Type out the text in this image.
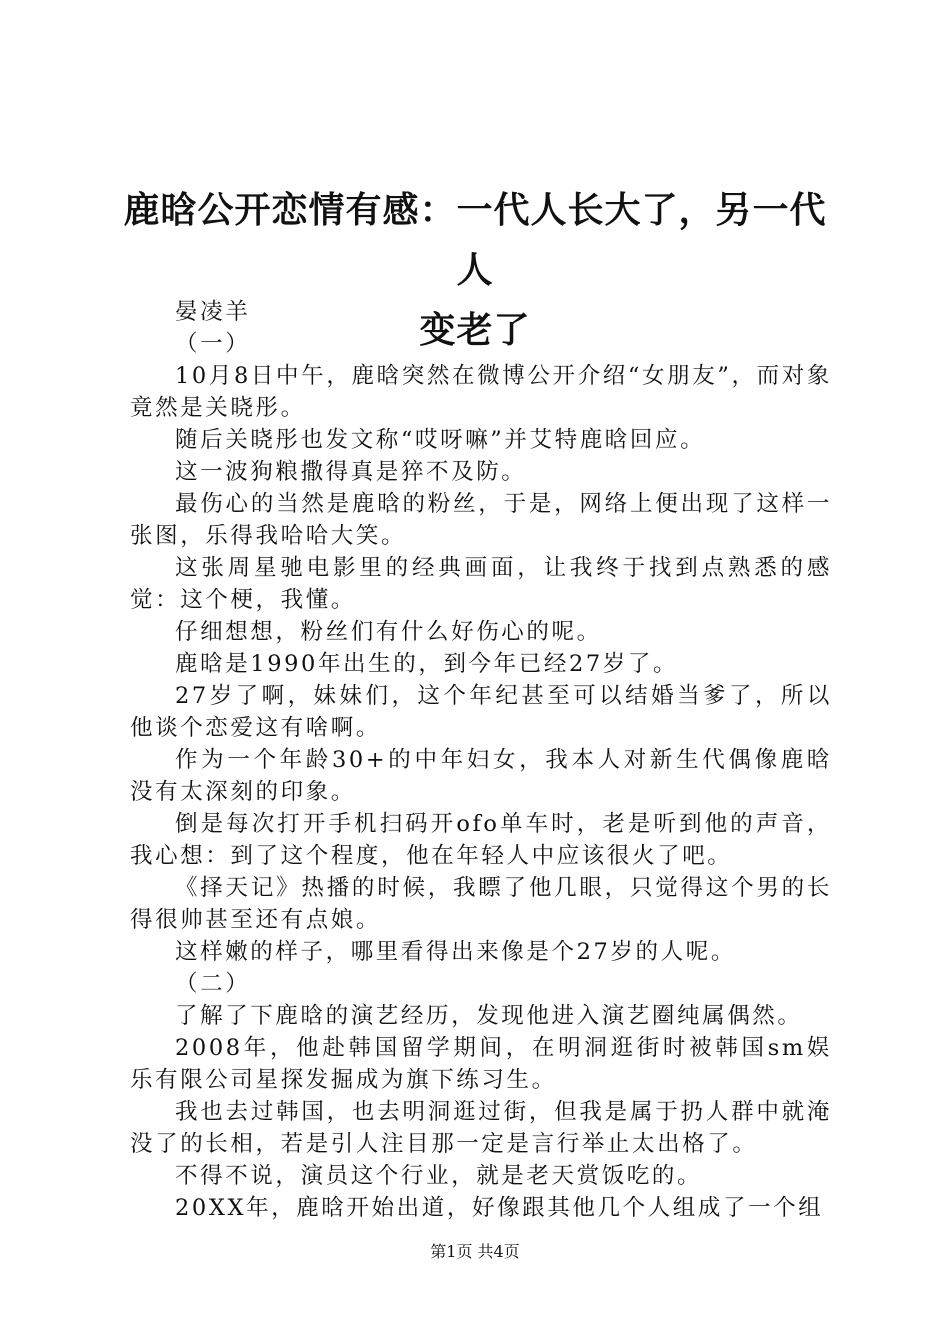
鹿晗公开恋情有感：一代人长大了，另一代人
变老了

晏凌羊

（一）

10月8日中午，鹿晗突然在微博公开介绍“女朋友”，而对象竟然是关晓彤。

随后关晓彤也发文称“哎呀嘛”并艾特鹿晗回应。

这一波狗粮撒得真是猝不及防。

最伤心的当然是鹿晗的粉丝，于是，网络上便出现了这样一张图，乐得我哈哈大笑。

这张周星驰电影里的经典画面，让我终于找到点熟悉的感觉：这个梗，我懂。

仔细想想，粉丝们有什么好伤心的呢。

鹿晗是1990年出生的，到今年已经27岁了。

27岁了啊，妹妹们，这个年纪甚至可以结婚当爹了，所以他谈个恋爱这有啥啊。

作为一个年龄30+的中年妇女，我本人对新生代偶像鹿晗没有太深刻的印象。

倒是每次打开手机扫码开ofo单车时，老是听到他的声音，我心想：到了这个程度，他在年轻人中应该很火了吧。

《择天记》热播的时候，我瞟了他几眼，只觉得这个男的长得很帅甚至还有点娘。

这样嫩的样子，哪里看得出来像是个27岁的人呢。

（二）

了解了下鹿晗的演艺经历，发现他进入演艺圈纯属偶然。

2008年，他赴韩国留学期间，在明洞逛街时被韩国sm娱乐有限公司星探发掘成为旗下练习生。

我也去过韩国，也去明洞逛过街，但我是属于扔人群中就淹没了的长相，若是引人注目那一定是言行举止太出格了。

不得不说，演员这个行业，就是老天赏饭吃的。

20XX年，鹿晗开始出道，好像跟其他几个人组成了一个组

第1页 共4页
